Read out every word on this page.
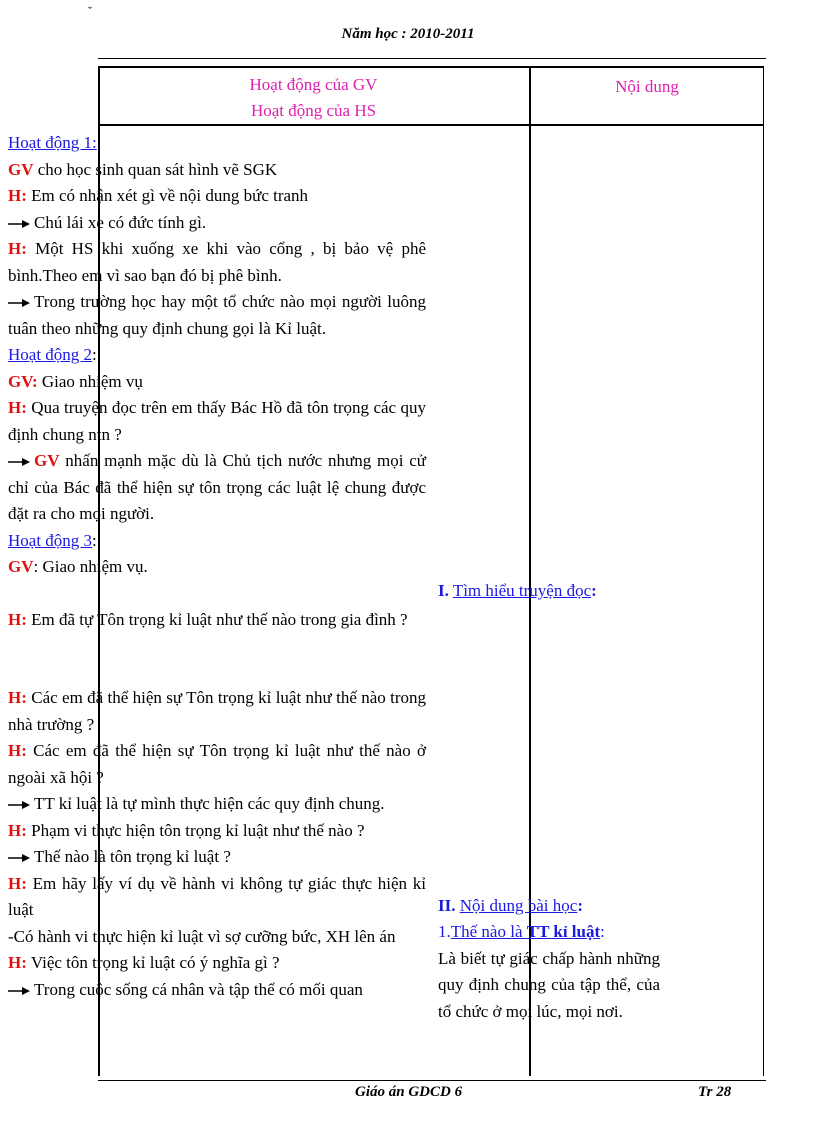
ˇ
Năm học : 2010-2011
Hoạt động của GV
Hoạt động của HS
Nội dung

Hoạt động 1:

GV cho học sinh quan sát hình vẽ SGK

H: Em có nhận xét gì về nội dung bức tranh

Chú lái xe có đức tính gì.

H: Một HS khi xuống xe khi vào cổng , bị bảo vệ phê bình.Theo em vì sao bạn đó bị phê bình.

Trong trường học hay một tổ chức nào mọi người luông tuân theo những quy định chung gọi là Kỉ luật.

Hoạt động 2:

GV: Giao nhiệm vụ

H: Qua truyện đọc trên em thấy Bác Hồ đã tôn trọng các quy định chung ntn ?

GV nhấn mạnh mặc dù là Chủ tịch nước nhưng mọi cử chỉ của Bác đã thể hiện sự tôn trọng các luật lệ chung được đặt ra cho mọi người.

Hoạt động 3:

GV: Giao nhiệm vụ.

H: Em đã tự Tôn trọng kỉ luật như thế nào trong gia đình ?

H: Các em đã thể hiện sự Tôn trọng kỉ luật như thế nào trong nhà trường ?

H: Các em đã thể hiện sự Tôn trọng kỉ luật như thế nào ở ngoài xã hội ?

TT kỉ luật là tự mình thực hiện các quy định chung.

H: Phạm vi thực hiện tôn trọng kỉ luật như thế nào ?

Thế nào là tôn trọng kỉ luật ?

H: Em hãy lấy ví dụ về hành vi không tự giác thực hiện kỉ luật

-Có hành vi thực hiện kỉ luật vì sợ cưỡng bức, XH lên án

H: Việc tôn trọng kỉ luật có ý nghĩa gì ?

Trong cuộc sống cá nhân và tập thể có mối quan

I. Tìm hiểu truyện đọc:

II. Nội dung bài học:

1.Thế nào là TT kỉ luật:

Là biết tự giác chấp hành những quy định chung của tập thể, của tổ chức ở mọi lúc, mọi nơi.

Giáo án GDCD 6	Tr 28
